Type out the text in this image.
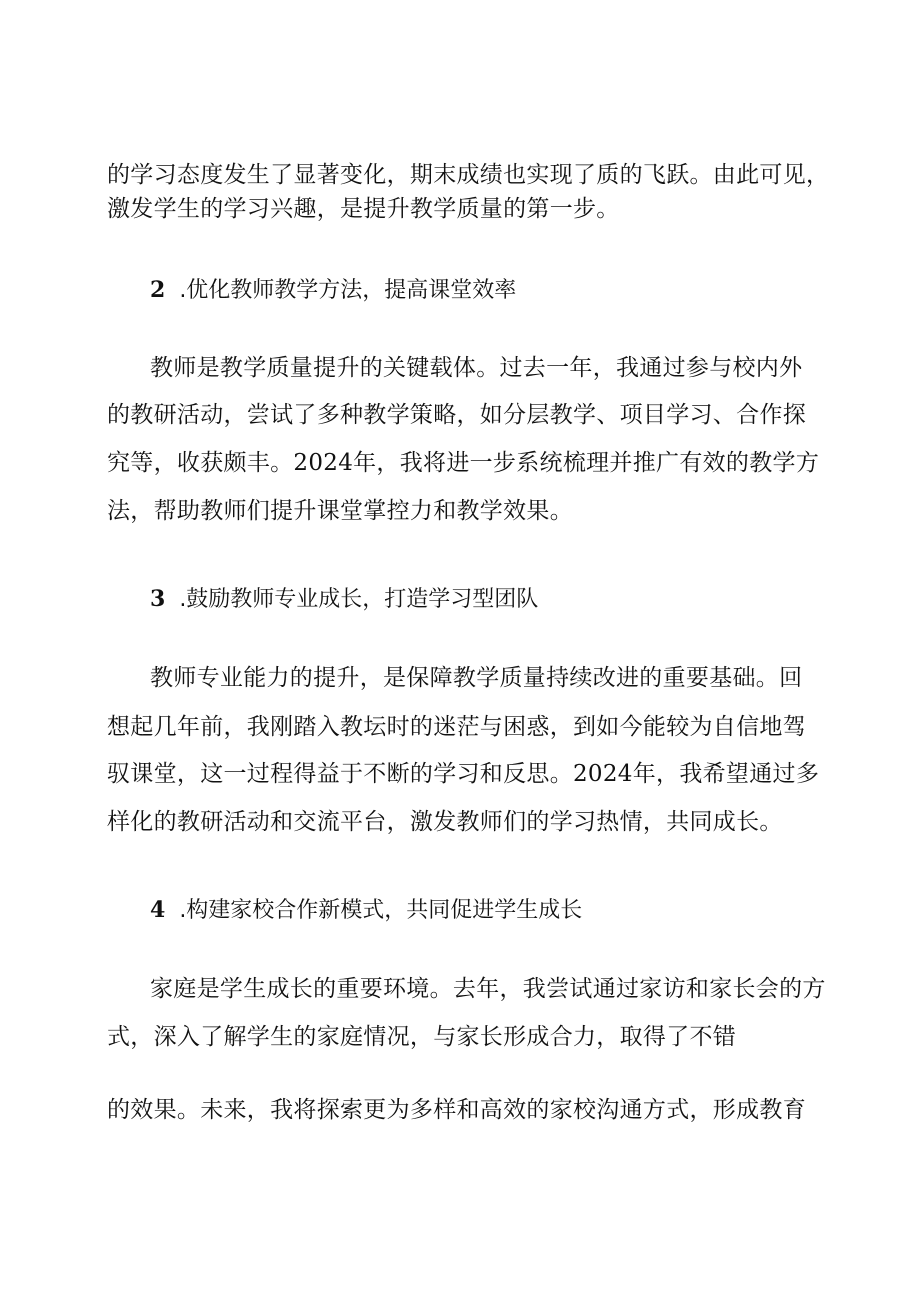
的学习态度发生了显著变化，期末成绩也实现了质的飞跃。由此可见，
激发学生的学习兴趣，是提升教学质量的第一步。
2 .优化教师教学方法，提高课堂效率
教师是教学质量提升的关键载体。过去一年，我通过参与校内外
的教研活动，尝试了多种教学策略，如分层教学、项目学习、合作探
究等，收获颇丰。2024年，我将进一步系统梳理并推广有效的教学方
法，帮助教师们提升课堂掌控力和教学效果。
3 .鼓励教师专业成长，打造学习型团队
教师专业能力的提升，是保障教学质量持续改进的重要基础。回
想起几年前，我刚踏入教坛时的迷茫与困惑，到如今能较为自信地驾
驭课堂，这一过程得益于不断的学习和反思。2024年，我希望通过多
样化的教研活动和交流平台，激发教师们的学习热情，共同成长。
4 .构建家校合作新模式，共同促进学生成长
家庭是学生成长的重要环境。去年，我尝试通过家访和家长会的方
式，深入了解学生的家庭情况，与家长形成合力，取得了不错
的效果。未来，我将探索更为多样和高效的家校沟通方式，形成教育
